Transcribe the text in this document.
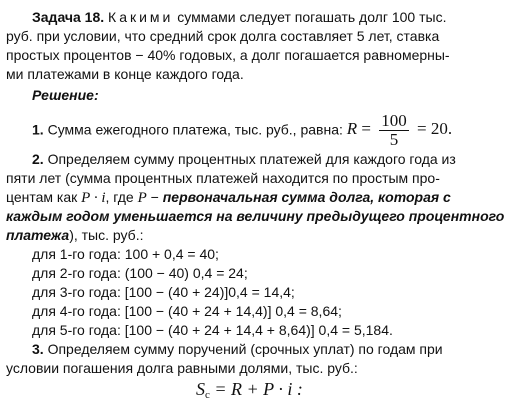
Задача 18. Какими суммами следует погашать долг 100 тыс.
руб. при условии, что средний срок долга составляет 5 лет, ставка
простых процентов − 40% годовых, а долг погашается равномерны-
ми платежами в конце каждого года.
Решение:
1. Сумма ежегодного платежа, тыс. руб., равна: $R = \frac{100}{5} = 20$.
2. Определяем сумму процентных платежей для каждого года из
пяти лет (сумма процентных платежей находится по простым про-
центам как P · i, где P − первоначальная сумма долга, которая с
каждым годом уменьшается на величину предыдущего процентного
платежа), тыс. руб.:
для 1-го года: 100 + 0,4 = 40;
для 2-го года: (100 − 40) 0,4 = 24;
для 3-го года: [100 − (40 + 24)]0,4 = 14,4;
для 4-го года: [100 − (40 + 24 + 14,4)] 0,4 = 8,64;
для 5-го года: [100 − (40 + 24 + 14,4 + 8,64)] 0,4 = 5,184.
3. Определяем сумму поручений (срочных уплат) по годам при
условии погашения долга равными долями, тыс. руб.:
$S_c = R + P \cdot i$ :
